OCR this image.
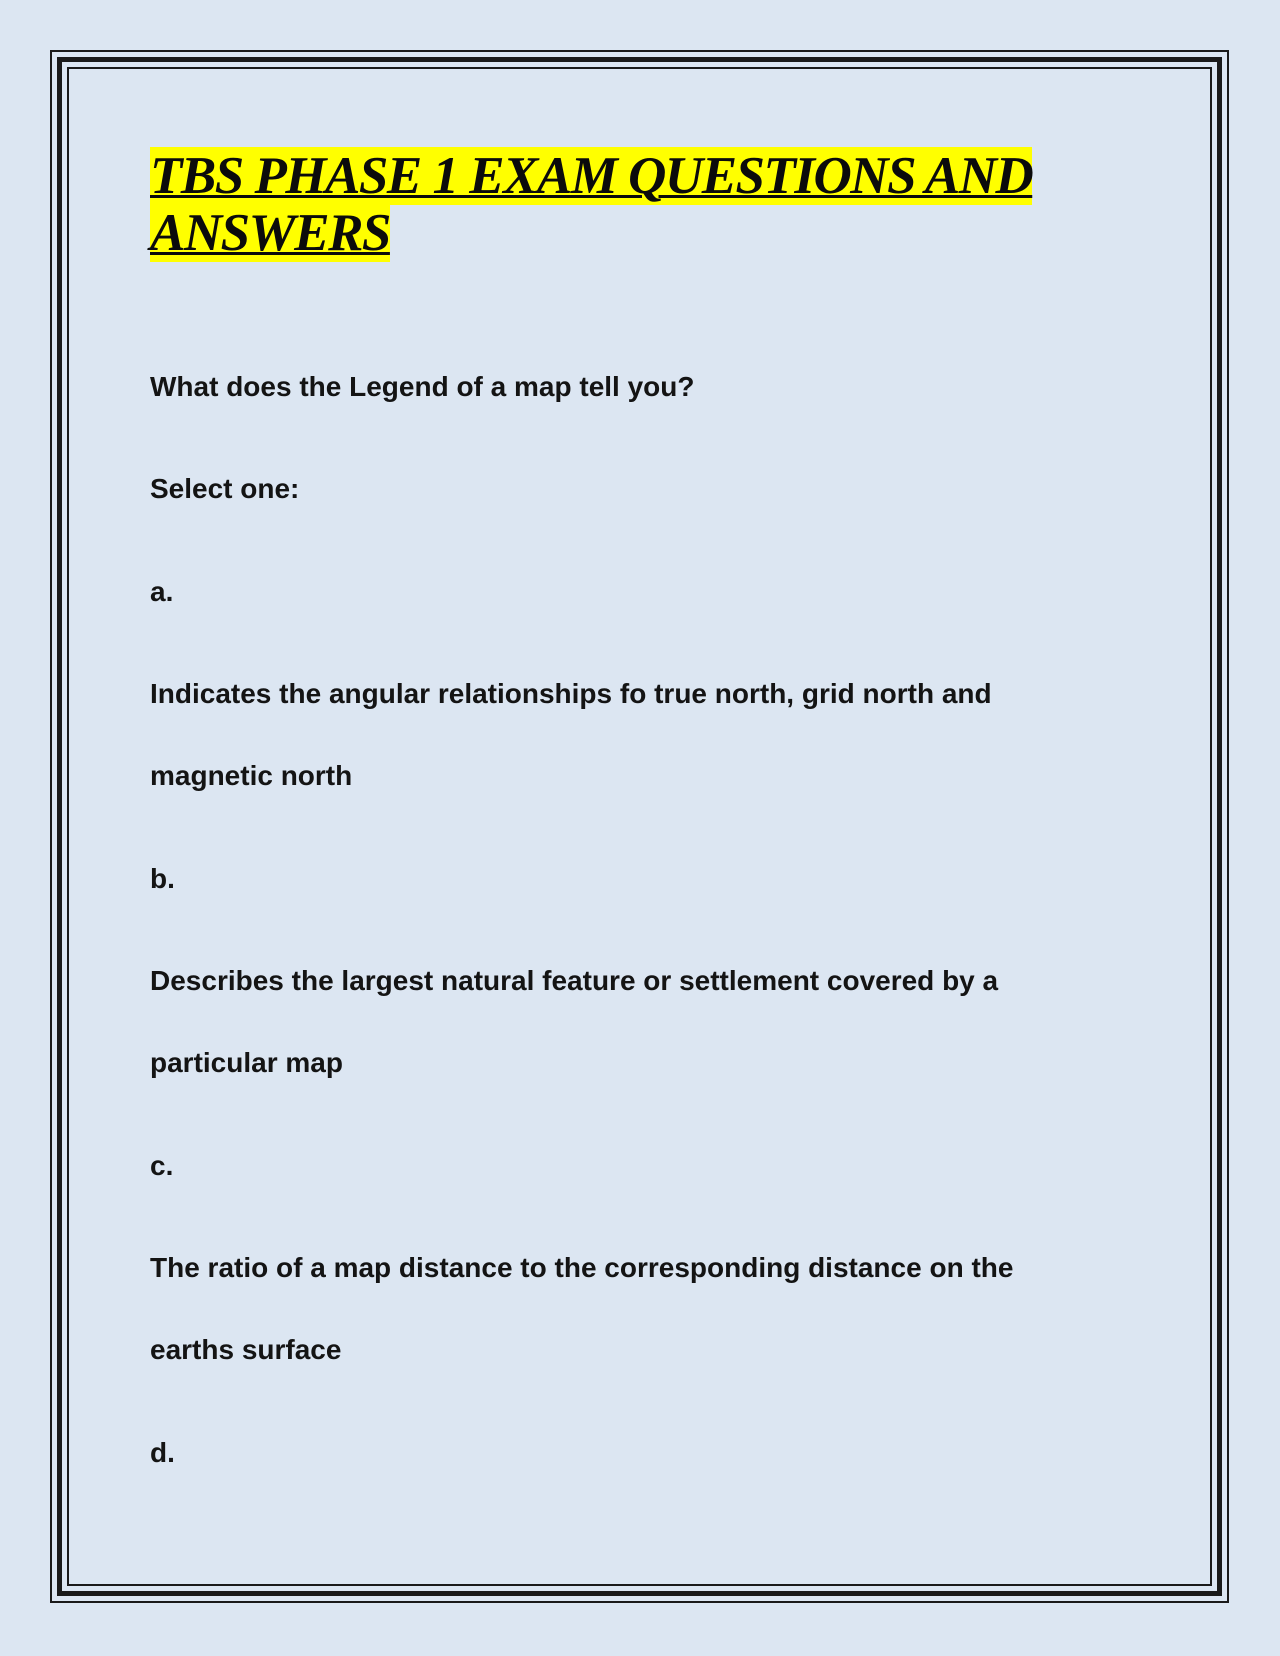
TBS PHASE 1 EXAM QUESTIONS AND ANSWERS

What does the Legend of a map tell you?

Select one:

a.

Indicates the angular relationships fo true north, grid north and

magnetic north

b.

Describes the largest natural feature or settlement covered by a

particular map

c.

The ratio of a map distance to the corresponding distance on the

earths surface

d.
